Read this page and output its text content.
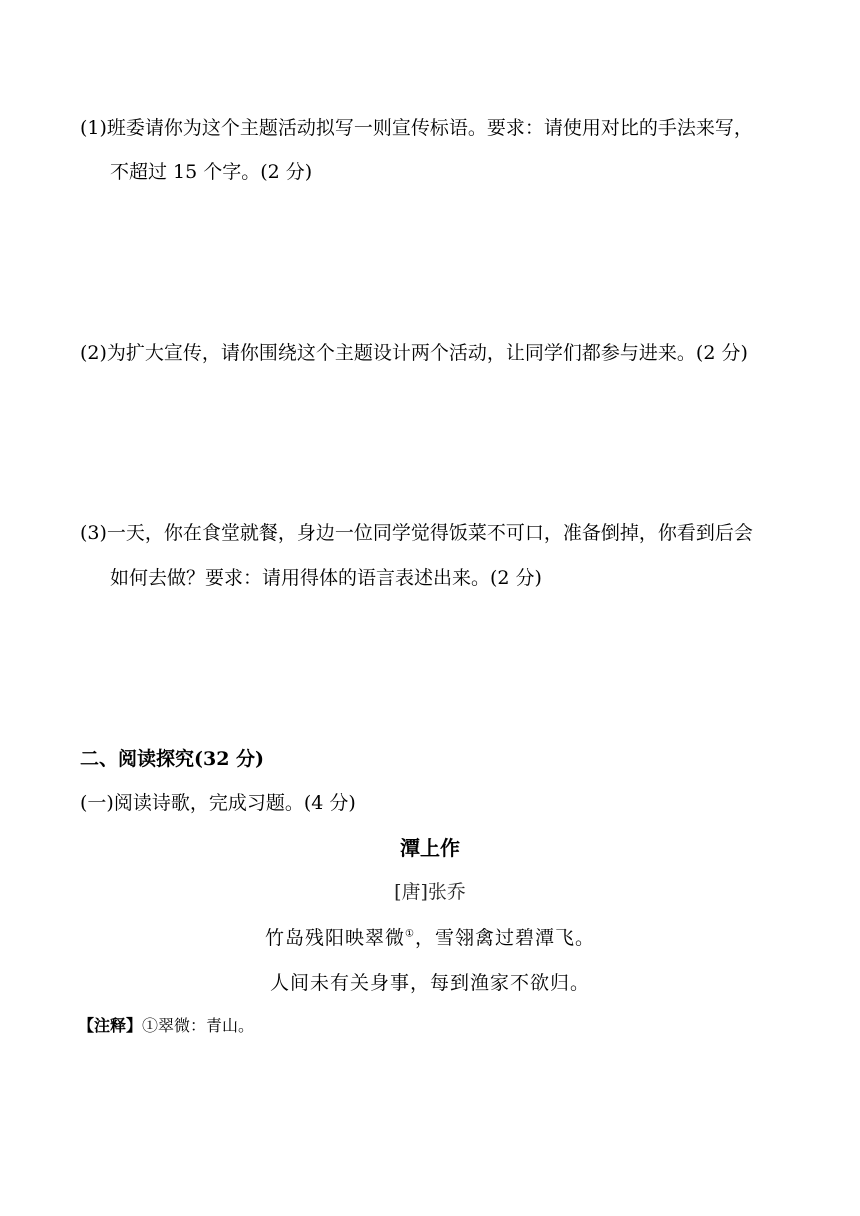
(1)班委请你为这个主题活动拟写一则宣传标语。要求：请使用对比的手法来写，
不超过 15 个字。(2 分)
(2)为扩大宣传，请你围绕这个主题设计两个活动，让同学们都参与进来。(2 分)
(3)一天，你在食堂就餐，身边一位同学觉得饭菜不可口，准备倒掉，你看到后会
如何去做？要求：请用得体的语言表述出来。(2 分)
二、阅读探究(32 分)
(一)阅读诗歌，完成习题。(4 分)
潭上作
[唐]张乔
竹岛残阳映翠微①，雪翎禽过碧潭飞。
人间未有关身事，每到渔家不欲归。
【注释】①翠微：青山。
